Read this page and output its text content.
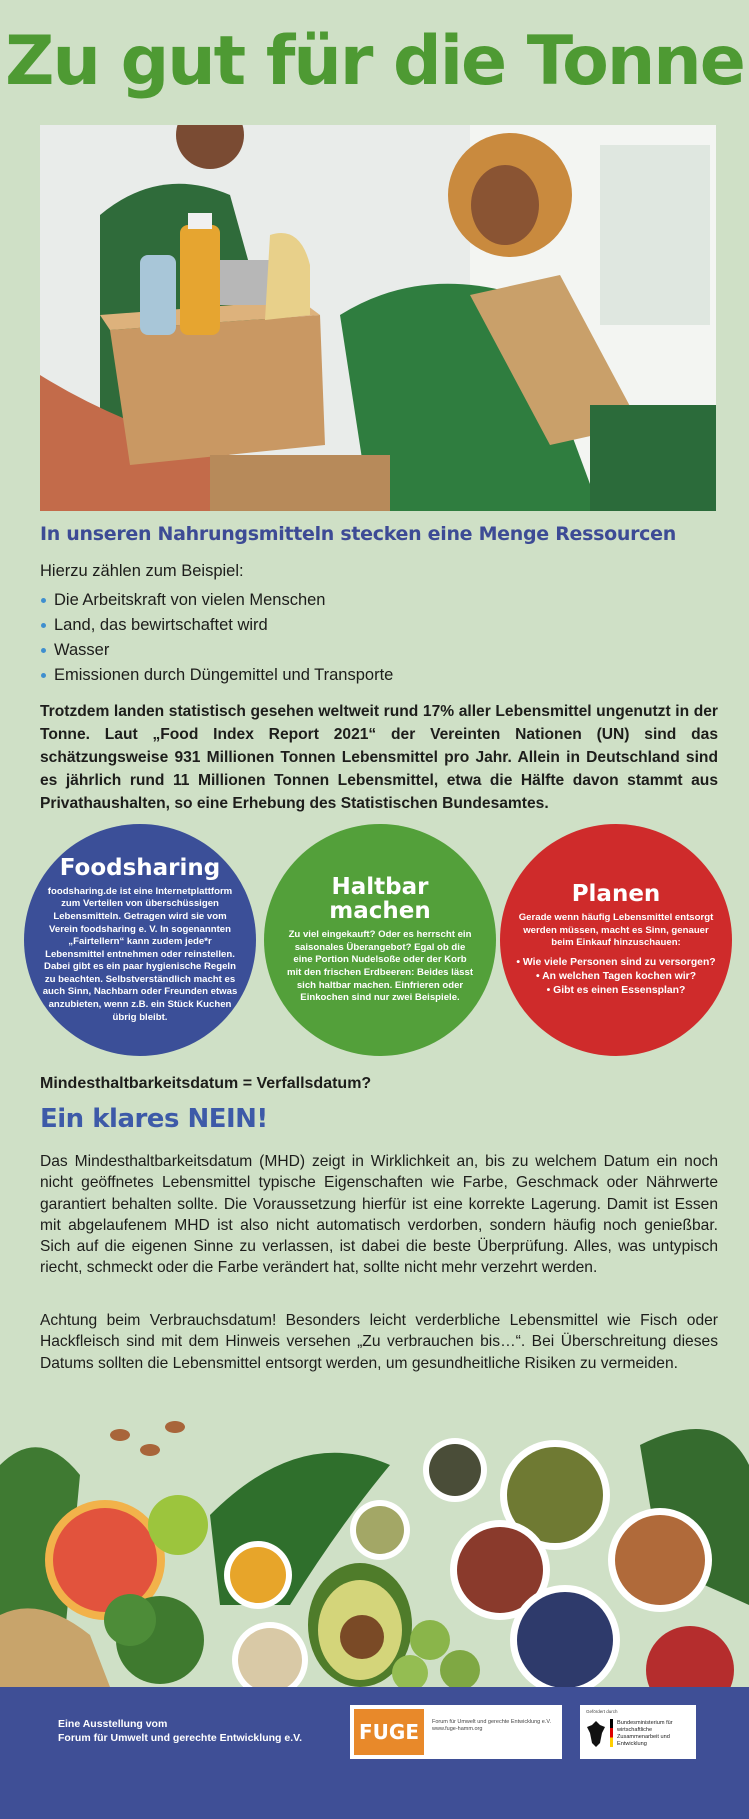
Zu gut für die Tonne
In unseren Nahrungsmitteln stecken eine Menge Ressourcen
Hierzu zählen zum Beispiel:
Die Arbeitskraft von vielen Menschen
Land, das bewirtschaftet wird
Wasser
Emissionen durch Düngemittel und Transporte

Trotzdem landen statistisch gesehen weltweit rund 17% aller Lebensmittel ungenutzt in der Tonne. Laut „Food Index Report 2021“ der Vereinten Nationen (UN) sind das schätzungsweise 931 Millionen Tonnen Lebensmittel pro Jahr. Allein in Deutschland sind es jährlich rund 11 Millionen Tonnen Lebensmittel, etwa die Hälfte davon stammt aus Privathaushalten, so eine Erhebung des Statistischen Bundesamtes.

Foodsharing

foodsharing.de ist eine Internetplattform zum Verteilen von überschüssigen Lebensmitteln. Getragen wird sie vom Verein foodsharing e. V. In sogenannten „Fairtellern“ kann zudem jede*r Lebensmittel entnehmen oder reinstellen. Dabei gibt es ein paar hygienische Regeln zu beachten. Selbstverständlich macht es auch Sinn, Nachbarn oder Freunden etwas anzubieten, wenn z.B. ein Stück Kuchen übrig bleibt.

Haltbar machen

Zu viel eingekauft? Oder es herrscht ein saisonales Überangebot? Egal ob die eine Portion Nudelsoße oder der Korb mit den frischen Erdbeeren: Beides lässt sich haltbar machen. Einfrieren oder Einkochen sind nur zwei Beispiele.

Planen

Gerade wenn häufig Lebensmittel entsorgt werden müssen, macht es Sinn, genauer beim Einkauf hinzuschauen:

• Wie viele Personen sind zu versorgen?
• An welchen Tagen kochen wir?
• Gibt es einen Essensplan?
Mindesthaltbarkeitsdatum = Verfallsdatum?
Ein klares NEIN!

Das Mindesthaltbarkeitsdatum (MHD) zeigt in Wirklichkeit an, bis zu welchem Datum ein noch nicht geöffnetes Lebensmittel typische Eigenschaften wie Farbe, Geschmack oder Nährwerte garantiert behalten sollte. Die Voraussetzung hierfür ist eine korrekte Lagerung. Damit ist Essen mit abgelaufenem MHD ist also nicht automatisch verdorben, sondern häufig noch genießbar. Sich auf die eigenen Sinne zu verlassen, ist dabei die beste Überprüfung. Alles, was untypisch riecht, schmeckt oder die Farbe verändert hat, sollte nicht mehr verzehrt werden.

Achtung beim Verbrauchsdatum! Besonders leicht verderbliche Lebensmittel wie Fisch oder Hackfleisch sind mit dem Hinweis versehen „Zu verbrauchen bis…“. Bei Überschreitung dieses Datums sollten die Lebensmittel entsorgt werden, um gesundheitliche Risiken zu vermeiden.

Eine Ausstellung vom
Forum für Umwelt und gerechte Entwicklung e.V.	FUGE	Forum für Umwelt und gerechte Entwicklung e.V. www.fuge-hamm.org
Gefördert durch
Bundesministerium für wirtschaftliche Zusammenarbeit und Entwicklung
